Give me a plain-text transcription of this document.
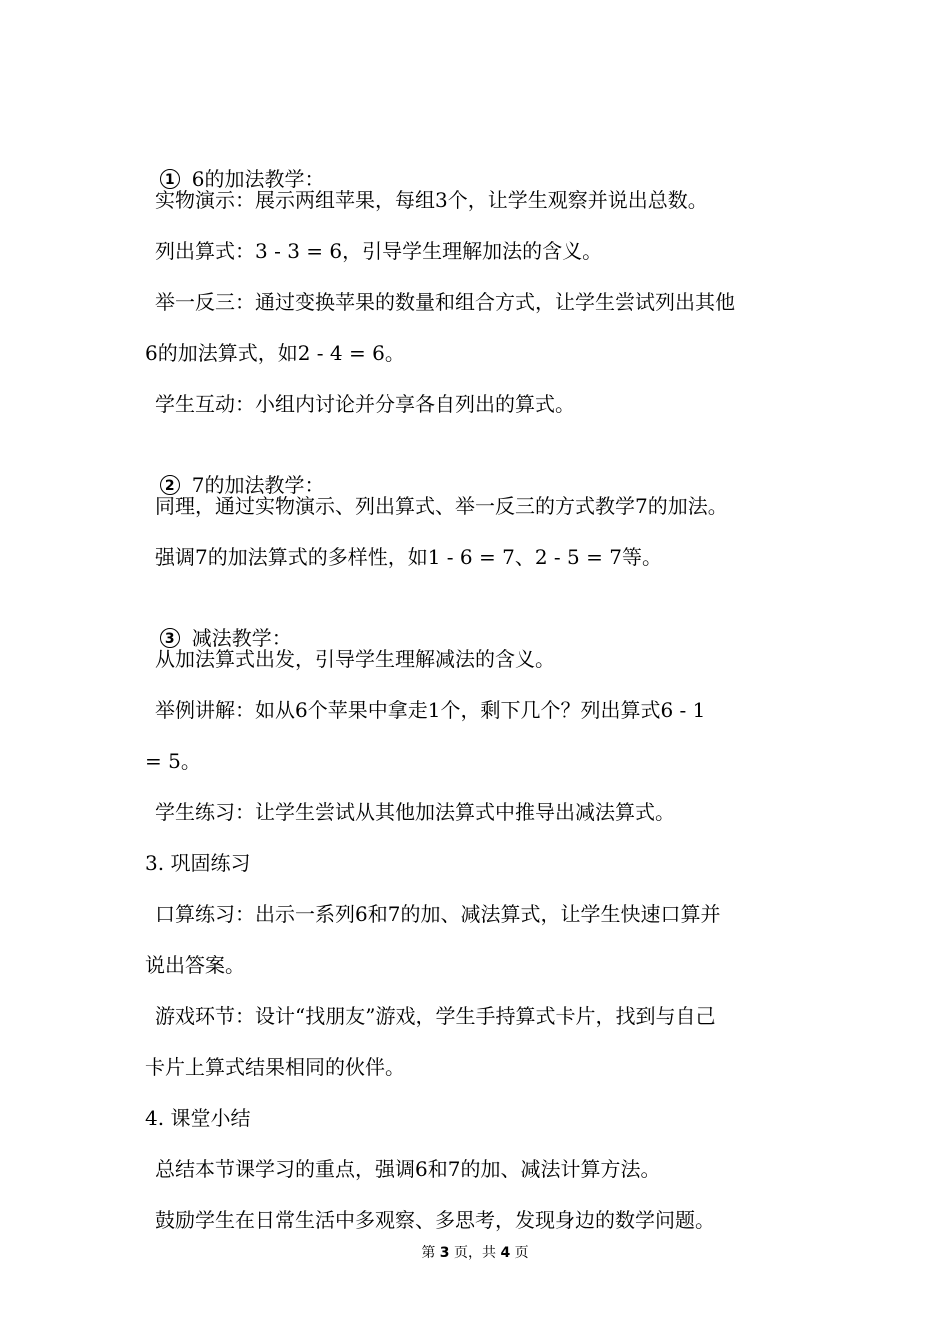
1 6的加法教学：

实物演示：展示两组苹果，每组3个，让学生观察并说出总数。
列出算式：3 - 3 = 6，引导学生理解加法的含义。
举一反三：通过变换苹果的数量和组合方式，让学生尝试列出其他
6的加法算式，如2 - 4 = 6。
学生互动：小组内讨论并分享各自列出的算式。

2 7的加法教学：

同理，通过实物演示、列出算式、举一反三的方式教学7的加法。
强调7的加法算式的多样性，如1 - 6 = 7、2 - 5 = 7等。

3 减法教学：

从加法算式出发，引导学生理解减法的含义。
举例讲解：如从6个苹果中拿走1个，剩下几个？列出算式6 - 1
= 5。
学生练习：让学生尝试从其他加法算式中推导出减法算式。
3. 巩固练习
口算练习：出示一系列6和7的加、减法算式，让学生快速口算并
说出答案。
游戏环节：设计“找朋友”游戏，学生手持算式卡片，找到与自己
卡片上算式结果相同的伙伴。
4. 课堂小结
总结本节课学习的重点，强调6和7的加、减法计算方法。
鼓励学生在日常生活中多观察、多思考，发现身边的数学问题。
第 3 页，共 4 页
